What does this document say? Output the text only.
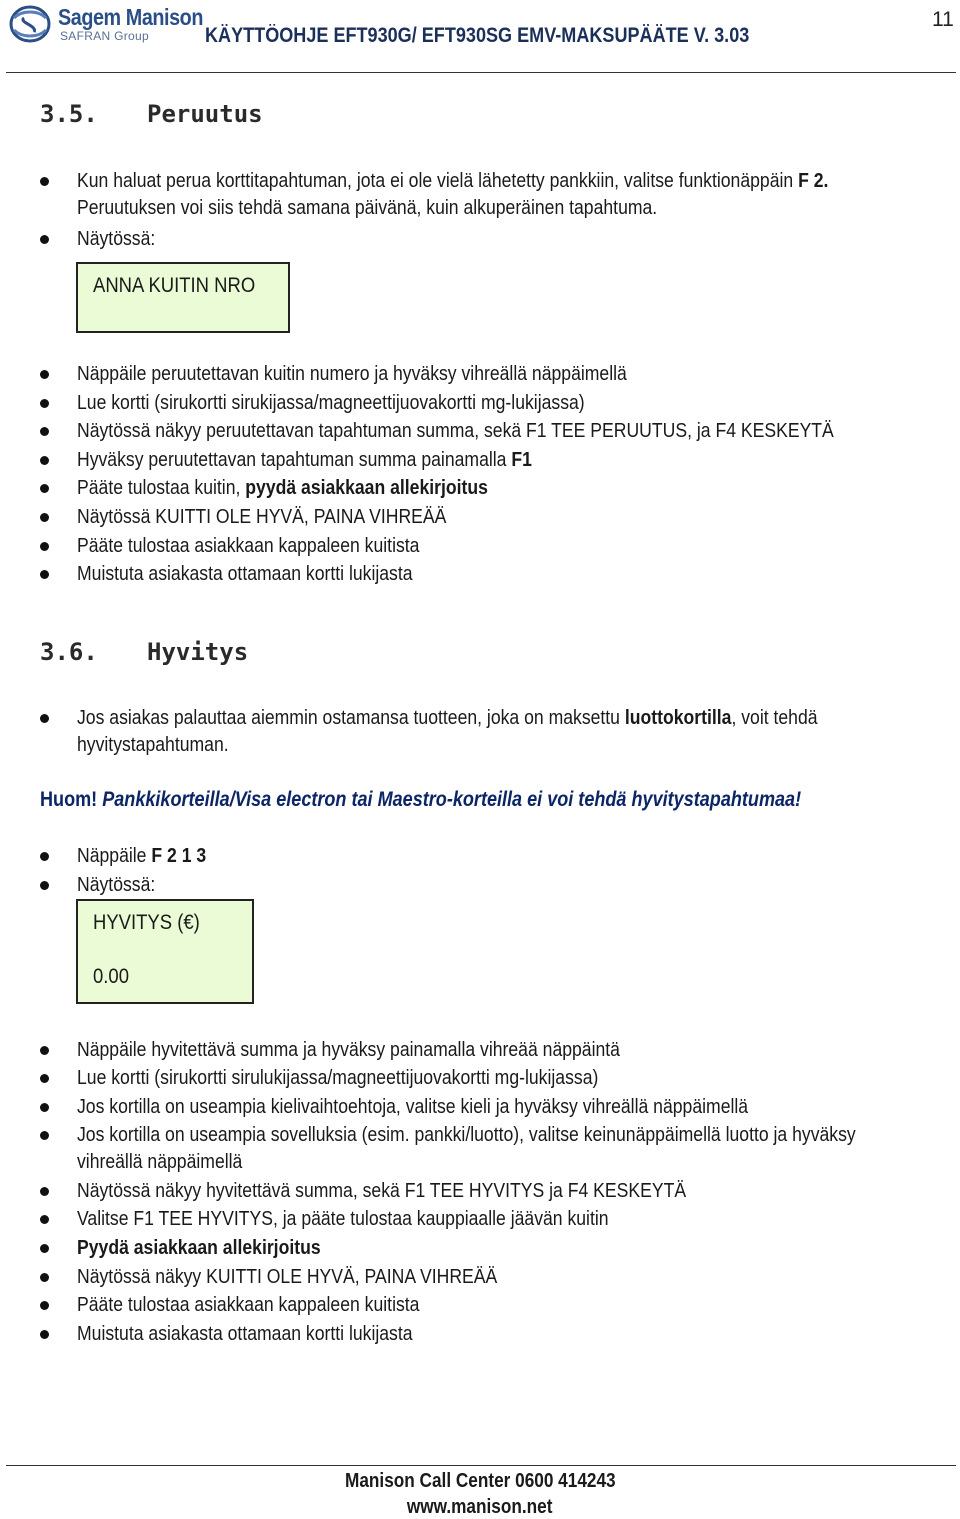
Sagem Manison
SAFRAN Group	KÄYTTÖOHJE EFT930G/ EFT930SG EMV-MAKSUPÄÄTE V. 3.03
11
3.5. Peruutus
Kun haluat perua korttitapahtuman, jota ei ole vielä lähetetty pankkiin, valitse funktionäppäin F 2.
Peruutuksen voi siis tehdä samana päivänä, kuin alkuperäinen tapahtuma.
Näytössä:
ANNA KUITIN NRO
Näppäile peruutettavan kuitin numero ja hyväksy vihreällä näppäimellä
Lue kortti (sirukortti sirukijassa/magneettijuovakortti mg-lukijassa)
Näytössä näkyy peruutettavan tapahtuman summa, sekä F1 TEE PERUUTUS, ja F4 KESKEYTÄ
Hyväksy peruutettavan tapahtuman summa painamalla F1
Pääte tulostaa kuitin, pyydä asiakkaan allekirjoitus
Näytössä KUITTI OLE HYVÄ, PAINA VIHREÄÄ
Pääte tulostaa asiakkaan kappaleen kuitista
Muistuta asiakasta ottamaan kortti lukijasta
3.6. Hyvitys
Jos asiakas palauttaa aiemmin ostamansa tuotteen, joka on maksettu luottokortilla, voit tehdä
hyvitystapahtuman.
Huom! Pankkikorteilla/Visa electron tai Maestro-korteilla ei voi tehdä hyvitystapahtumaa!
Näppäile F 2 1 3
Näytössä:
HYVITYS (€)
0.00
Näppäile hyvitettävä summa ja hyväksy painamalla vihreää näppäintä
Lue kortti (sirukortti sirulukijassa/magneettijuovakortti mg-lukijassa)
Jos kortilla on useampia kielivaihtoehtoja, valitse kieli ja hyväksy vihreällä näppäimellä
Jos kortilla on useampia sovelluksia (esim. pankki/luotto), valitse keinunäppäimellä luotto ja hyväksy
vihreällä näppäimellä
Näytössä näkyy hyvitettävä summa, sekä F1 TEE HYVITYS ja F4 KESKEYTÄ
Valitse F1 TEE HYVITYS, ja pääte tulostaa kauppiaalle jäävän kuitin
Pyydä asiakkaan allekirjoitus
Näytössä näkyy KUITTI OLE HYVÄ, PAINA VIHREÄÄ
Pääte tulostaa asiakkaan kappaleen kuitista
Muistuta asiakasta ottamaan kortti lukijasta
Manison Call Center 0600 414243
www.manison.net
